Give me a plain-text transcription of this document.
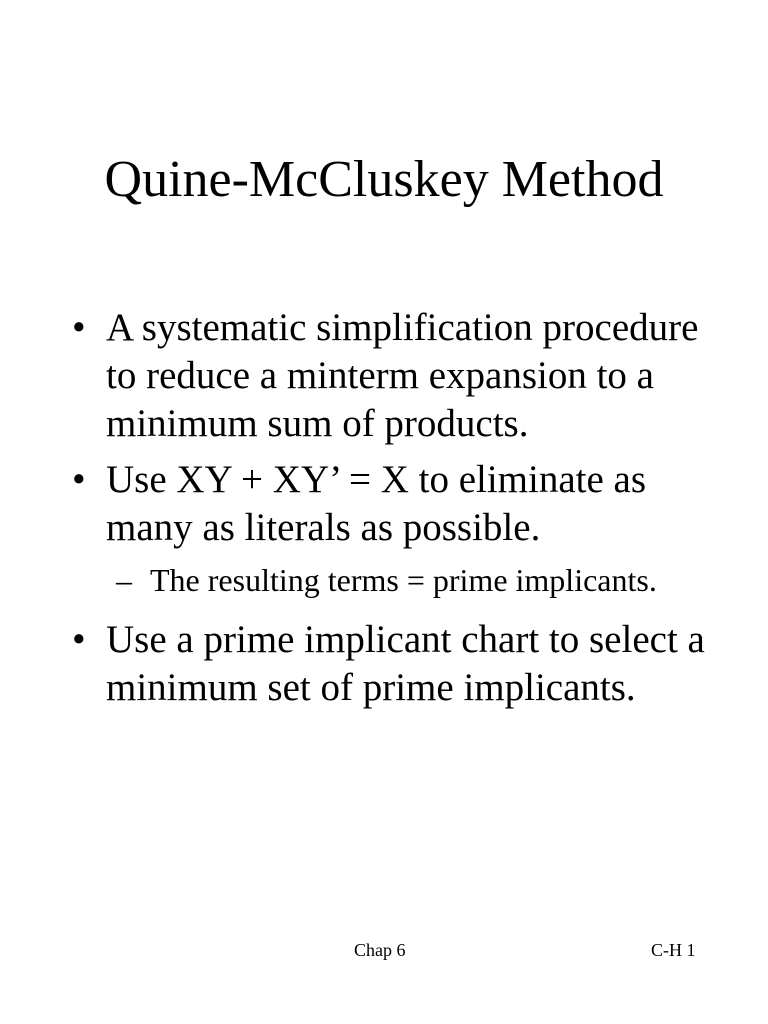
Quine-McCluskey Method
• A systematic simplification procedure to reduce a minterm expansion to a minimum sum of products.
• Use XY + XY’ = X to eliminate as many as literals as possible.
– The resulting terms = prime implicants.
• Use a prime implicant chart to select a minimum set of prime implicants.
Chap 6	C-H 1
